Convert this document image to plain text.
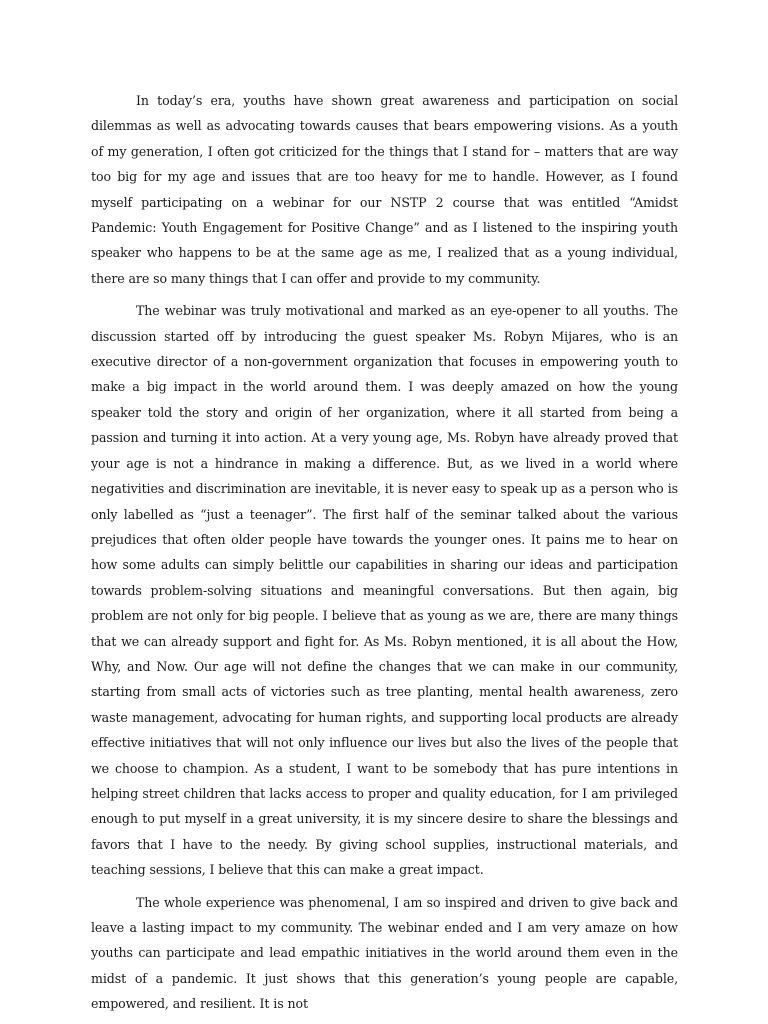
In today’s era, youths have shown great awareness and participation on social dilemmas as well as advocating towards causes that bears empowering visions. As a youth of my generation, I often got criticized for the things that I stand for – matters that are way too big for my age and issues that are too heavy for me to handle. However, as I found myself participating on a webinar for our NSTP 2 course that was entitled “Amidst Pandemic: Youth Engagement for Positive Change” and as I listened to the inspiring youth speaker who happens to be at the same age as me, I realized that as a young individual, there are so many things that I can offer and provide to my community.

The webinar was truly motivational and marked as an eye-opener to all youths. The discussion started off by introducing the guest speaker Ms. Robyn Mijares, who is an executive director of a non-government organization that focuses in empowering youth to make a big impact in the world around them. I was deeply amazed on how the young speaker told the story and origin of her organization, where it all started from being a passion and turning it into action. At a very young age, Ms. Robyn have already proved that your age is not a hindrance in making a difference. But, as we lived in a world where negativities and discrimination are inevitable, it is never easy to speak up as a person who is only labelled as “just a teenager”. The first half of the seminar talked about the various prejudices that often older people have towards the younger ones. It pains me to hear on how some adults can simply belittle our capabilities in sharing our ideas and participation towards problem-solving situations and meaningful conversations. But then again, big problem are not only for big people. I believe that as young as we are, there are many things that we can already support and fight for. As Ms. Robyn mentioned, it is all about the How, Why, and Now. Our age will not define the changes that we can make in our community, starting from small acts of victories such as tree planting, mental health awareness, zero waste management, advocating for human rights, and supporting local products are already effective initiatives that will not only influence our lives but also the lives of the people that we choose to champion. As a student, I want to be somebody that has pure intentions in helping street children that lacks access to proper and quality education, for I am privileged enough to put myself in a great university, it is my sincere desire to share the blessings and favors that I have to the needy. By giving school supplies, instructional materials, and teaching sessions, I believe that this can make a great impact.

The whole experience was phenomenal, I am so inspired and driven to give back and leave a lasting impact to my community. The webinar ended and I am very amaze on how youths can participate and lead empathic initiatives in the world around them even in the midst of a pandemic. It just shows that this generation’s young people are capable, empowered, and resilient. It is not
